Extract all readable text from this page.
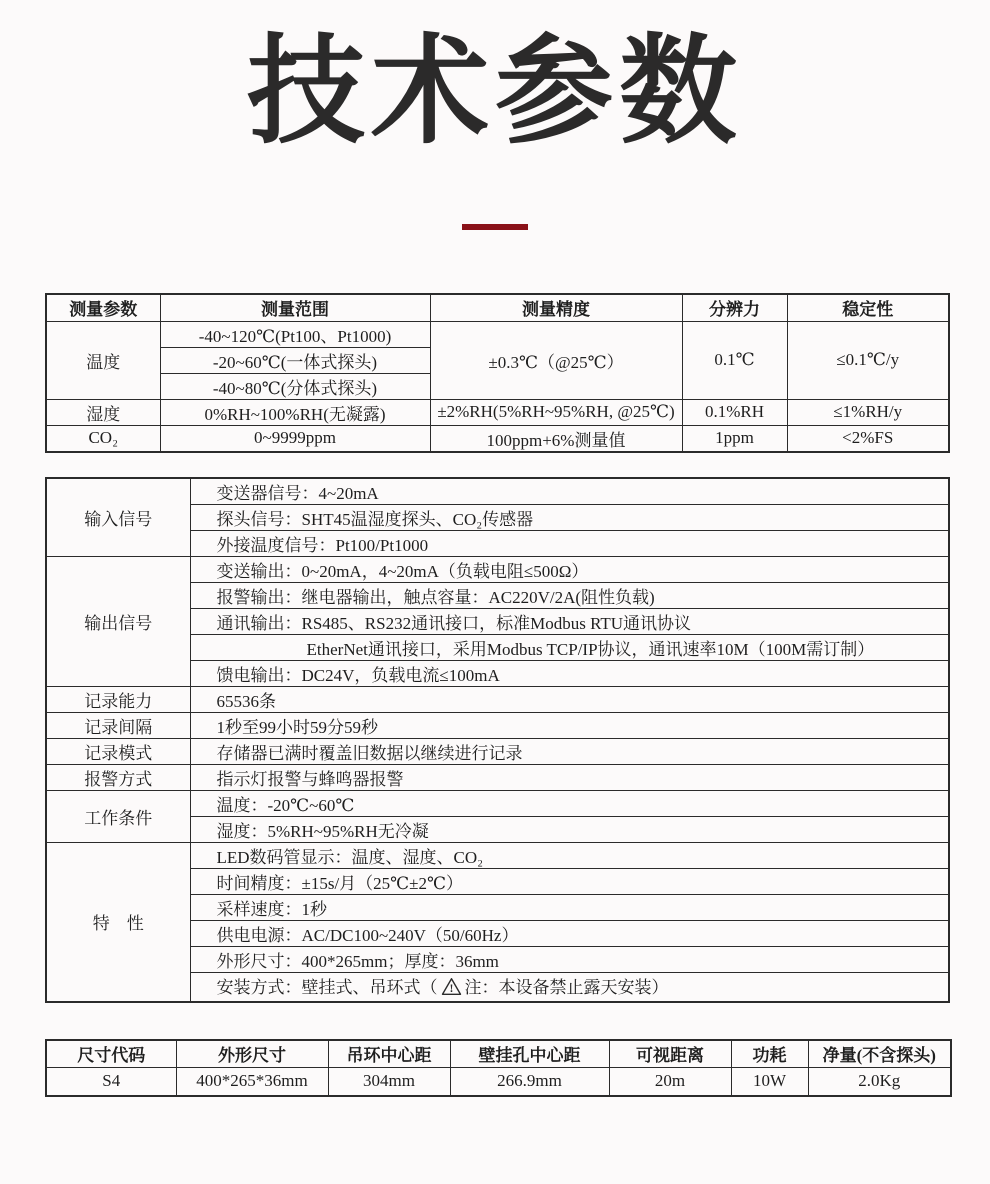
技术参数
测量参数	测量范围	测量精度	分辨力	稳定性
温度	-40~120℃(Pt100、Pt1000)	±0.3℃（@25℃）	0.1℃	≤0.1℃/y
	-20~60℃(一体式探头)			
	-40~80℃(分体式探头)			
湿度	0%RH~100%RH(无凝露)	±2%RH(5%RH~95%RH, @25℃)	0.1%RH	≤1%RH/y
CO₂	0~9999ppm	100ppm+6%测量值	1ppm	<2%FS
输入信号	变送器信号：4~20mA
	探头信号：SHT45温湿度探头、CO₂传感器
	外接温度信号：Pt100/Pt1000
输出信号	变送输出：0~20mA，4~20mA（负载电阻≤500Ω）
	报警输出：继电器输出，触点容量：AC220V/2A(阻性负载)
	通讯输出：RS485、RS232通讯接口，标准Modbus RTU通讯协议
	EtherNet通讯接口，采用Modbus TCP/IP协议，通讯速率10M（100M需订制）
	馈电输出：DC24V，负载电流≤100mA
记录能力	65536条
记录间隔	1秒至99小时59分59秒
记录模式	存储器已满时覆盖旧数据以继续进行记录
报警方式	指示灯报警与蜂鸣器报警
工作条件	温度：-20℃~60℃
	湿度：5%RH~95%RH无冷凝
特　性	LED数码管显示：温度、湿度、CO₂
	时间精度：±15s/月（25℃±2℃）
	采样速度：1秒
	供电电源：AC/DC100~240V（50/60Hz）
	外形尺寸：400*265mm；厚度：36mm
	安装方式：壁挂式、吊环式（ ! 注：本设备禁止露天安装）
尺寸代码	外形尺寸	吊环中心距	壁挂孔中心距	可视距离	功耗	净量(不含探头)
S4	400*265*36mm	304mm	266.9mm	20m	10W	2.0Kg
